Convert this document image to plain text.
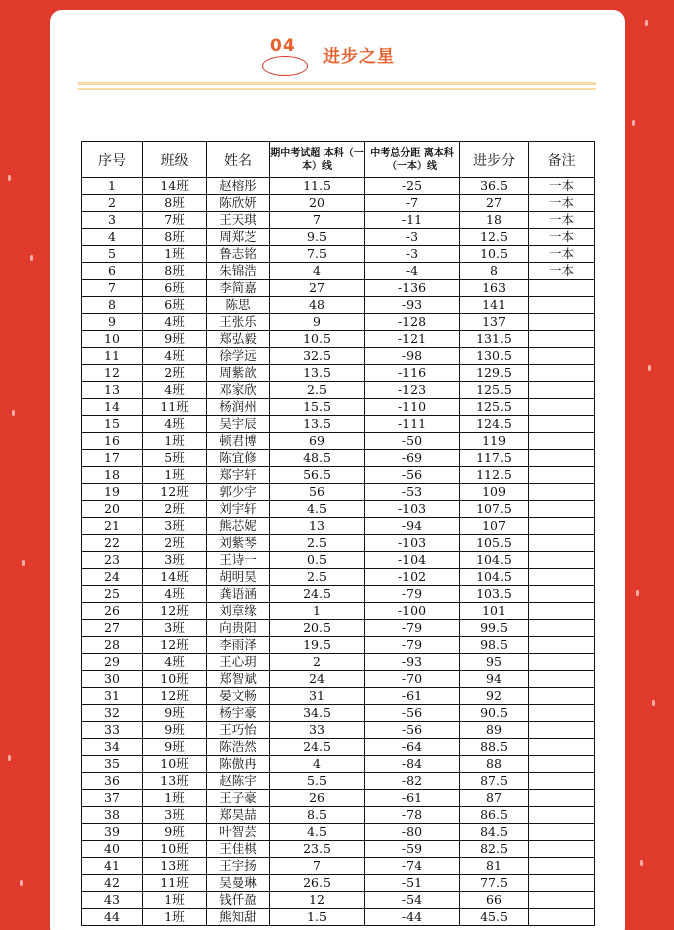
04
进步之星
序号	班级	姓名	期中考试超 本科（一本）线	中考总分距 离本科（一本）线	进步分	备注
1	14班	赵榕彤	11.5	-25	36.5	一本
2	8班	陈欣妍	20	-7	27	一本
3	7班	王天琪	7	-11	18	一本
4	8班	周郑芝	9.5	-3	12.5	一本
5	1班	鲁志铭	7.5	-3	10.5	一本
6	8班	朱锦浩	4	-4	8	一本
7	6班	李简嘉	27	-136	163	
8	6班	陈思	48	-93	141	
9	4班	王张乐	9	-128	137	
10	9班	郑弘毅	10.5	-121	131.5	
11	4班	徐学远	32.5	-98	130.5	
12	2班	周紫歆	13.5	-116	129.5	
13	4班	邓家欣	2.5	-123	125.5	
14	11班	杨润州	15.5	-110	125.5	
15	4班	吴宇辰	13.5	-111	124.5	
16	1班	顿君博	69	-50	119	
17	5班	陈宜修	48.5	-69	117.5	
18	1班	郑宇轩	56.5	-56	112.5	
19	12班	郭少宇	56	-53	109	
20	2班	刘宇轩	4.5	-103	107.5	
21	3班	熊芯妮	13	-94	107	
22	2班	刘紫琴	2.5	-103	105.5	
23	3班	王诗一	0.5	-104	104.5	
24	14班	胡明昊	2.5	-102	104.5	
25	4班	龚语涵	24.5	-79	103.5	
26	12班	刘章缘	1	-100	101	
27	3班	向贵阳	20.5	-79	99.5	
28	12班	李雨泽	19.5	-79	98.5	
29	4班	王心玥	2	-93	95	
30	10班	郑智斌	24	-70	94	
31	12班	晏文畅	31	-61	92	
32	9班	杨宇豪	34.5	-56	90.5	
33	9班	王巧怡	33	-56	89	
34	9班	陈浩然	24.5	-64	88.5	
35	10班	陈傲冉	4	-84	88	
36	13班	赵陈宇	5.5	-82	87.5	
37	1班	王子豪	26	-61	87	
38	3班	郑昊喆	8.5	-78	86.5	
39	9班	叶智芸	4.5	-80	84.5	
40	10班	王佳棋	23.5	-59	82.5	
41	13班	王宇扬	7	-74	81	
42	11班	吴曼琳	26.5	-51	77.5	
43	1班	钱仟盈	12	-54	66	
44	1班	熊知甜	1.5	-44	45.5	
